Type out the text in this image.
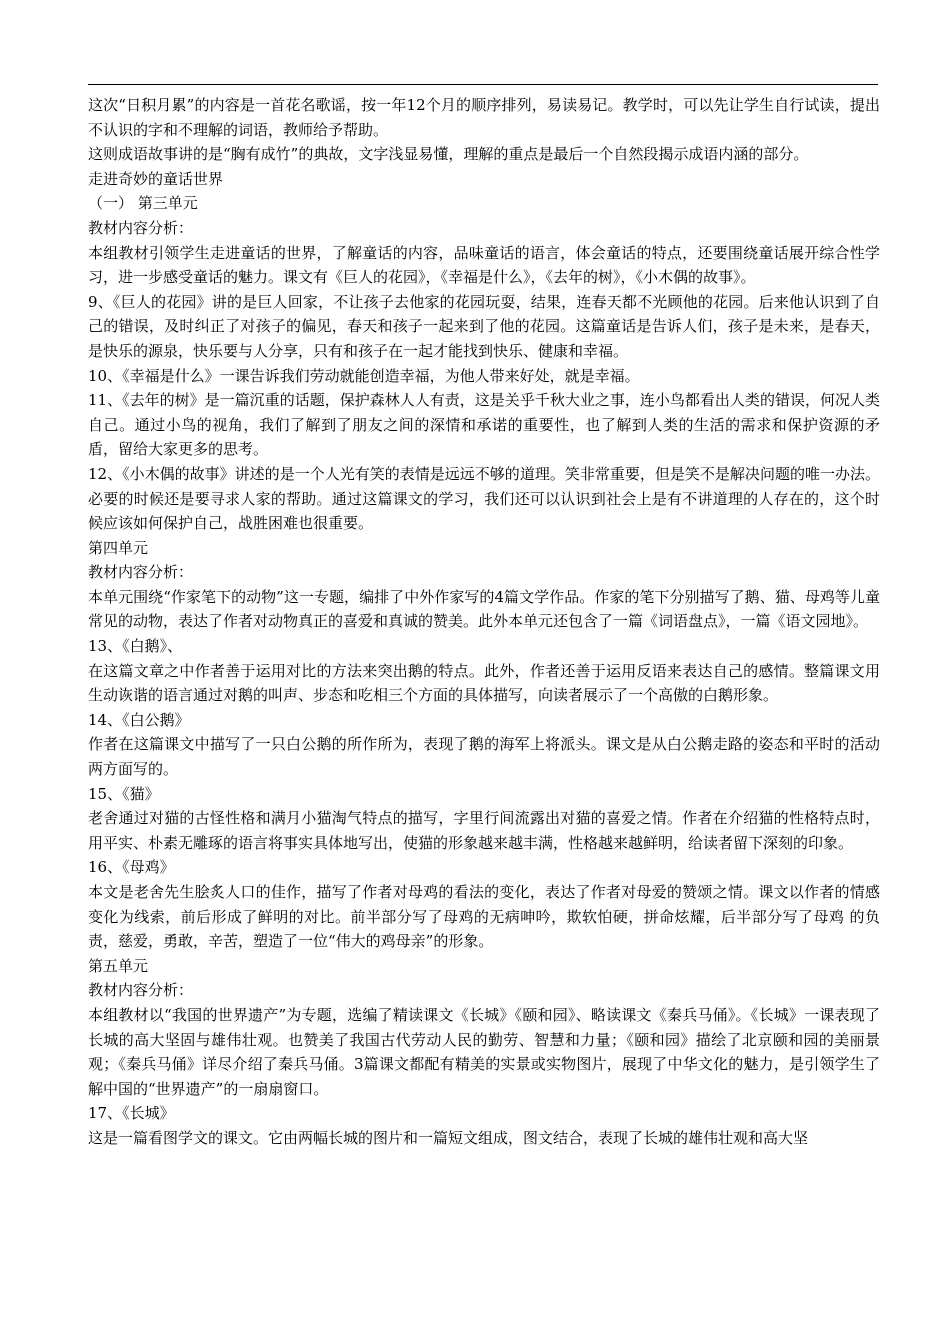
这次“日积月累”的内容是一首花名歌谣，按一年12个月的顺序排列，易读易记。教学时，可以先让学生自行试读，提出不认识的字和不理解的词语，教师给予帮助。

这则成语故事讲的是“胸有成竹”的典故，文字浅显易懂，理解的重点是最后一个自然段揭示成语内涵的部分。

走进奇妙的童话世界

（一） 第三单元

教材内容分析：

本组教材引领学生走进童话的世界，了解童话的内容，品味童话的语言，体会童话的特点，还要围绕童话展开综合性学习，进一步感受童话的魅力。课文有《巨人的花园》，《幸福是什么》，《去年的树》，《小木偶的故事》。

9、《巨人的花园》讲的是巨人回家，不让孩子去他家的花园玩耍，结果，连春天都不光顾他的花园。后来他认识到了自己的错误，及时纠正了对孩子的偏见，春天和孩子一起来到了他的花园。这篇童话是告诉人们，孩子是未来，是春天，是快乐的源泉，快乐要与人分享，只有和孩子在一起才能找到快乐、健康和幸福。

10、《幸福是什么》一课告诉我们劳动就能创造幸福，为他人带来好处，就是幸福。

11、《去年的树》是一篇沉重的话题，保护森林人人有责，这是关乎千秋大业之事，连小鸟都看出人类的错误，何况人类自己。通过小鸟的视角，我们了解到了朋友之间的深情和承诺的重要性，也了解到人类的生活的需求和保护资源的矛盾，留给大家更多的思考。

12、《小木偶的故事》讲述的是一个人光有笑的表情是远远不够的道理。笑非常重要，但是笑不是解决问题的唯一办法。必要的时候还是要寻求人家的帮助。通过这篇课文的学习，我们还可以认识到社会上是有不讲道理的人存在的，这个时候应该如何保护自己，战胜困难也很重要。

第四单元

教材内容分析：

本单元围绕“作家笔下的动物”这一专题，编排了中外作家写的4篇文学作品。作家的笔下分别描写了鹅、猫、母鸡等儿童常见的动物，表达了作者对动物真正的喜爱和真诚的赞美。此外本单元还包含了一篇《词语盘点》，一篇《语文园地》。

13、《白鹅》、

在这篇文章之中作者善于运用对比的方法来突出鹅的特点。此外，作者还善于运用反语来表达自己的感情。整篇课文用生动诙谐的语言通过对鹅的叫声、步态和吃相三个方面的具体描写，向读者展示了一个高傲的白鹅形象。

14、《白公鹅》

作者在这篇课文中描写了一只白公鹅的所作所为，表现了鹅的海军上将派头。课文是从白公鹅走路的姿态和平时的活动两方面写的。

15、《猫》

老舍通过对猫的古怪性格和满月小猫淘气特点的描写，字里行间流露出对猫的喜爱之情。作者在介绍猫的性格特点时，用平实、朴素无雕琢的语言将事实具体地写出，使猫的形象越来越丰满，性格越来越鲜明，给读者留下深刻的印象。

16、《母鸡》

本文是老舍先生脍炙人口的佳作，描写了作者对母鸡的看法的变化，表达了作者对母爱的赞颂之情。课文以作者的情感变化为线索，前后形成了鲜明的对比。前半部分写了母鸡的无病呻吟，欺软怕硬，拼命炫耀，后半部分写了母鸡 的负责，慈爱，勇敢，辛苦，塑造了一位“伟大的鸡母亲”的形象。

第五单元

教材内容分析：

本组教材以“我国的世界遗产”为专题，选编了精读课文《长城》《颐和园》、略读课文《秦兵马俑》。《长城》一课表现了长城的高大坚固与雄伟壮观。也赞美了我国古代劳动人民的勤劳、智慧和力量；《颐和园》描绘了北京颐和园的美丽景观；《秦兵马俑》详尽介绍了秦兵马俑。3篇课文都配有精美的实景或实物图片，展现了中华文化的魅力，是引领学生了解中国的“世界遗产”的一扇扇窗口。

17、《长城》

这是一篇看图学文的课文。它由两幅长城的图片和一篇短文组成，图文结合，表现了长城的雄伟壮观和高大坚
